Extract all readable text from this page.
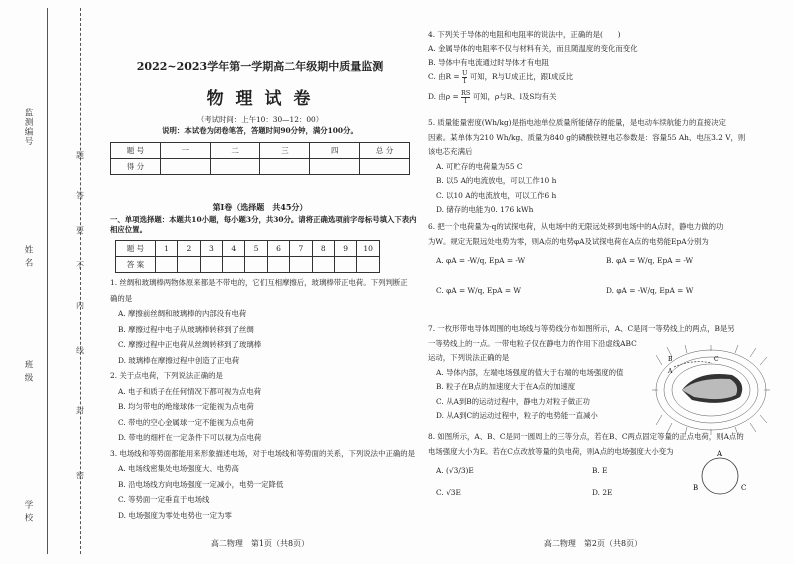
学 校
班 级
姓 名
监测编号
密
封
线
内
不
要
答
题
2022~2023学年第一学期高二年级期中质量监测
物 理 试 卷
（考试时间：上午10：30—12：00）
说明：本试卷为闭卷笔答，答题时间90分钟，满分100分。
题 号	一	二	三	四	总 分
得 分					
第Ⅰ卷（选择题　共45分）
一、单项选择题：本题共10小题，每小题3分，共30分。请将正确选项前字母标号填入下表内
相应位置。
题 号	1	2	3	4	5	6	7	8	9	10
答 案										
1. 丝绸和玻璃棒两物体原来都是不带电的，它们互相摩擦后，玻璃棒带正电荷。下列判断正
确的是
A. 摩擦前丝绸和玻璃棒的内部没有电荷
B. 摩擦过程中电子从玻璃棒转移到了丝绸
C. 摩擦过程中正电荷从丝绸转移到了玻璃棒
D. 玻璃棒在摩擦过程中创造了正电荷
2. 关于点电荷，下列说法正确的是
A. 电子和质子在任何情况下都可视为点电荷
B. 均匀带电的绝缘球体一定能视为点电荷
C. 带电的空心金属球一定不能视为点电荷
D. 带电的细杆在一定条件下可以视为点电荷
3. 电场线和等势面都能用来形象描述电场，对于电场线和等势面的关系，下列说法中正确的是
A. 电场线密集处电场强度大、电势高
B. 沿电场线方向电场强度一定减小，电势一定降低
C. 等势面一定垂直于电场线
D. 电场强度为零处电势也一定为零
高二物理　第1页（共8页）
4. 下列关于导体的电阻和电阻率的说法中，正确的是(　　)
A. 金属导体的电阻率不仅与材料有关，而且随温度的变化而变化
B. 导体中有电流通过时导体才有电阻
C. 由$R = \frac{U}{I}$ 可知，R与U成正比，跟I成反比
D. 由$\rho = \frac{RS}{l}$ 可知，ρ与R、l及S均有关
5. 质量能量密度(Wh/kg)是指电池单位质量所能储存的能量，是电动车续航能力的直接决定
因素。某单体为210 Wh/kg、质量为840 g的磷酸铁锂电芯参数是：容量55 Ah、电压3.2 V，则
该电芯充满后
A. 可贮存的电荷量为55 C
B. 以5 A的电流放电，可以工作10 h
C. 以10 A的电流放电，可以工作6 h
D. 储存的电能为0. 176 kWh
6. 把一个电荷量为-q的试探电荷，从电场中的无限远处移到电场中的A点时，静电力做的功
为W。规定无限远处电势为零，则A点的电势φA及试探电荷在A点的电势能EpA分别为
A. φA = -W/q, EpA = -W	B. φA = W/q, EpA = -W
C. φA = W/q, EpA = W	D. φA = -W/q, EpA = W
7. 一枚形带电导体周围的电场线与等势线分布如图所示，A、C是同一等势线上的两点，B是另
一等势线上的一点。一带电粒子仅在静电力的作用下沿虚线ABC
运动，下列说法正确的是
A. 导体内部，左端电场强度的值大于右端的电场强度的值
B. 粒子在B点的加速度大于在A点的加速度
C. 从A到B的运动过程中，静电力对粒子做正功
D. 从A到C的运动过程中，粒子的电势能一直减小
8. 如图所示，A、B、C是同一圆周上的三等分点，若在B、C两点固定等量的正点电荷，则A点的
电场强度大小为E。若在C点改放等量的负电荷，则A点的电场强度大小变为
A. (√3/3)E	B. E
C. √3E	D. 2E
B
A
C
A
B	C
高二物理　第2页（共8页）
